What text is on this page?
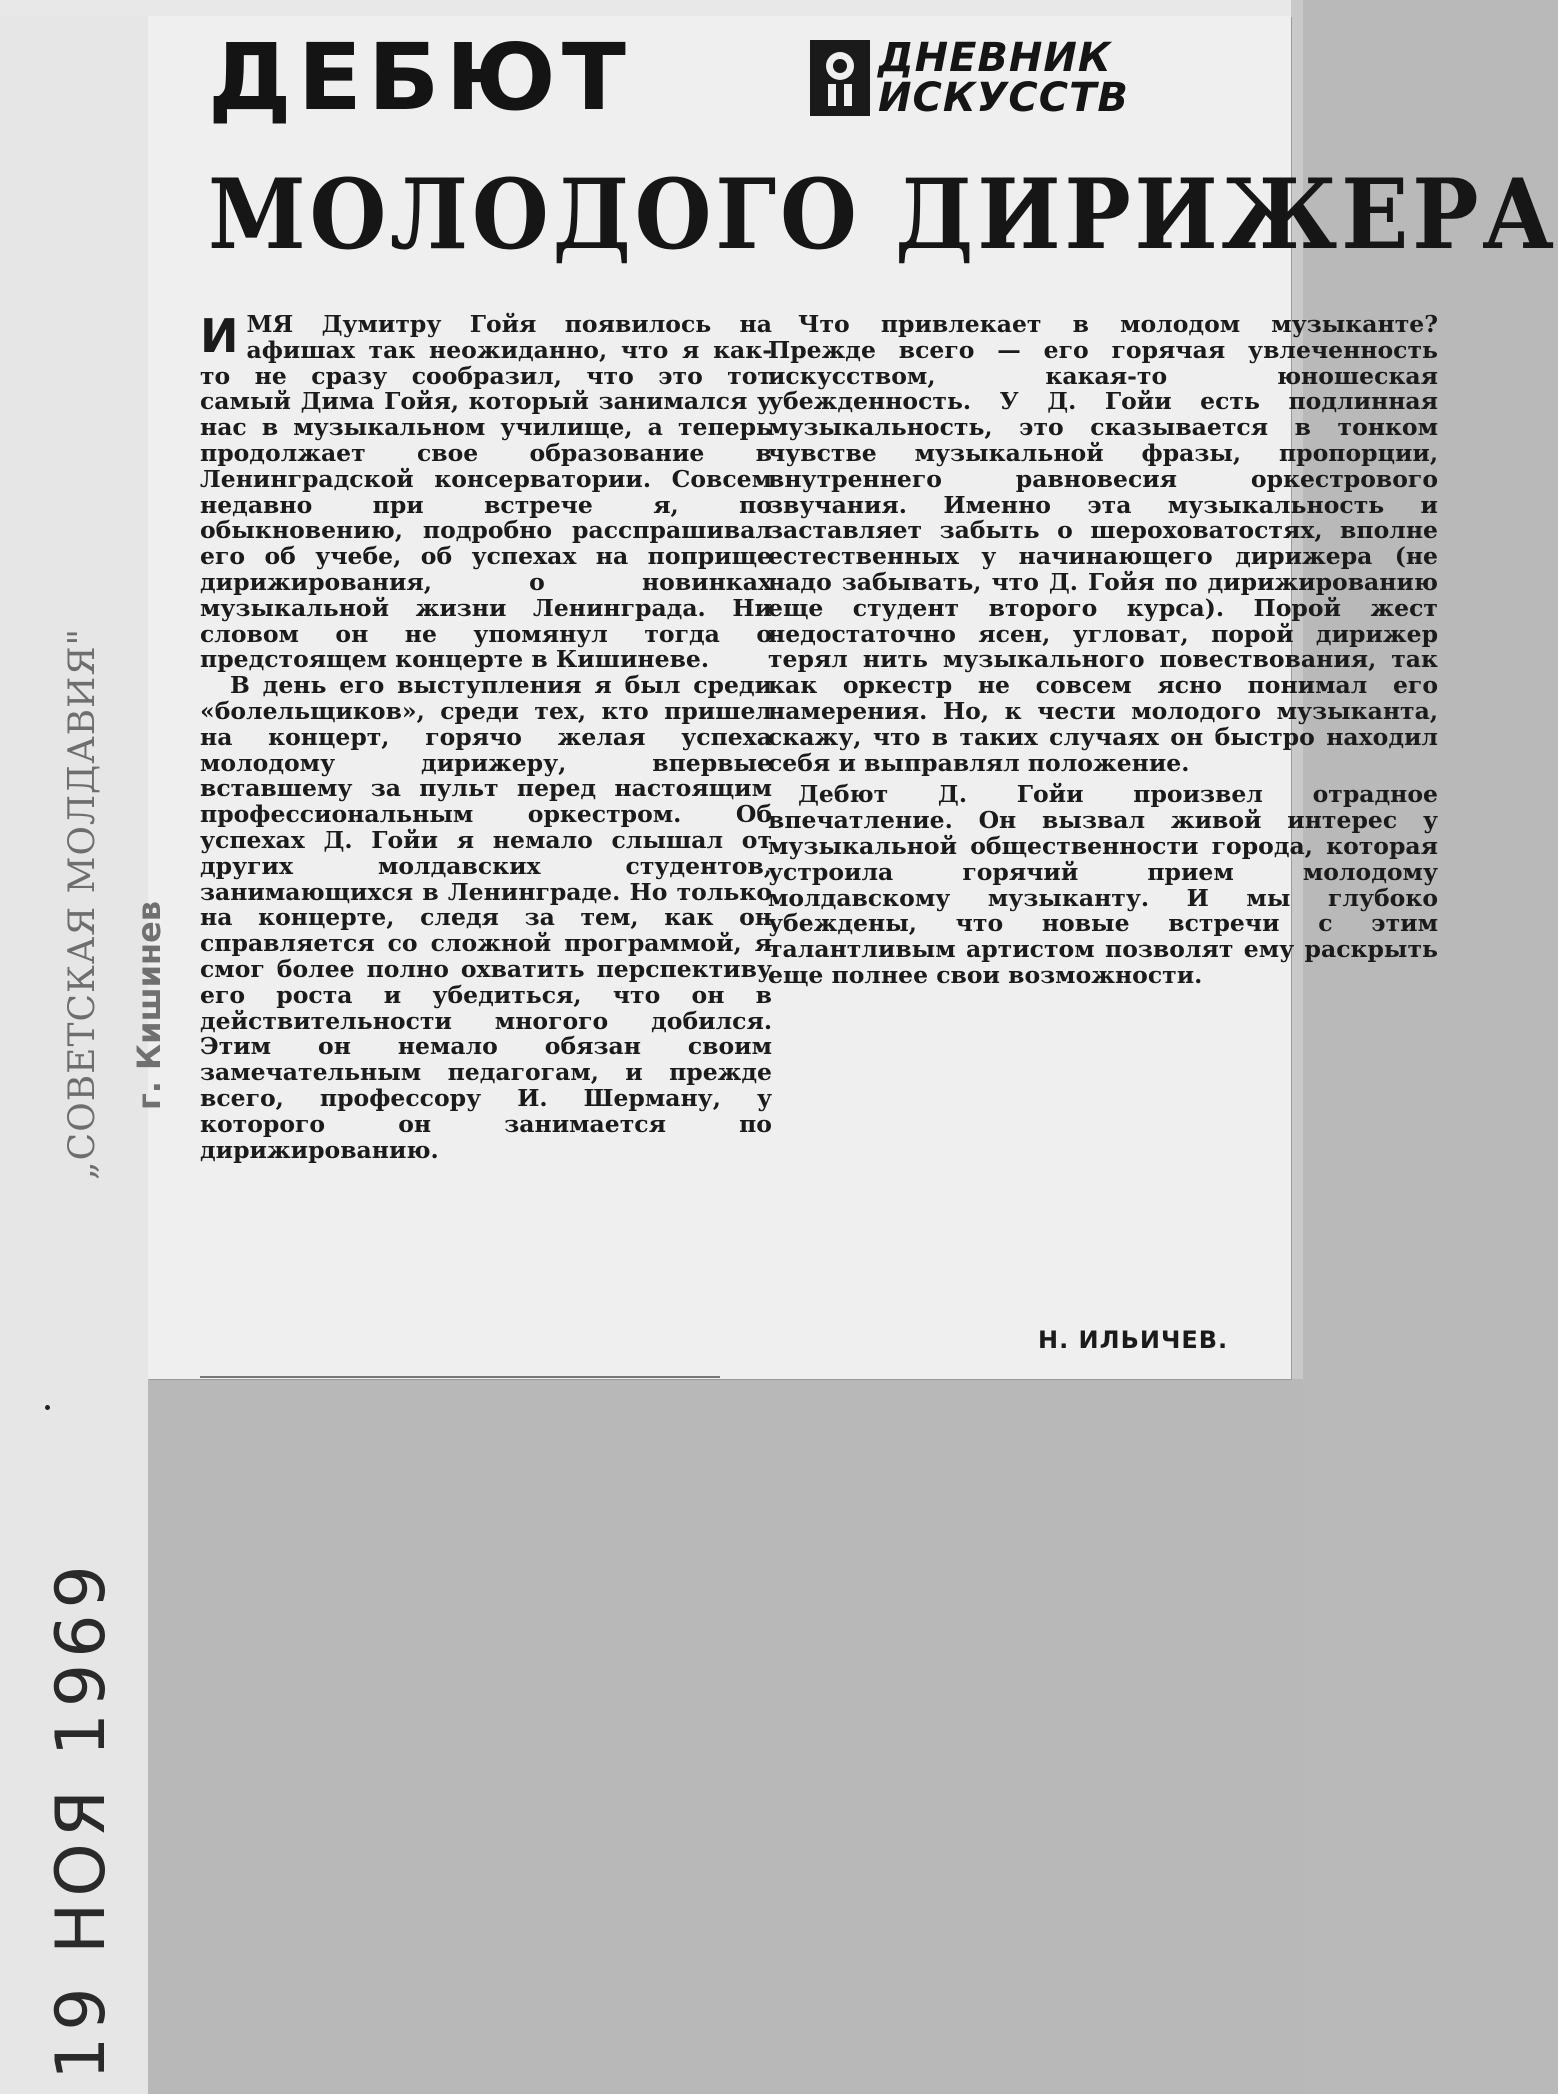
ДЕБЮТ	ДНЕВНИК
ИСКУССТВ
МОЛОДОГО ДИРИЖЕРА

ИМЯ Думитру Гойя появилось на афишах так неожиданно, что я как-то не сразу сообразил, что это тот самый Дима Гойя, который занимался у нас в музыкальном училище, а теперь продолжает свое образование в Ленинградской консерватории. Совсем недавно при встрече я, по обыкновению, подробно расспрашивал его об учебе, об успехах на поприще дирижирования, о новинках музыкальной жизни Ленинграда. Ни словом он не упомянул тогда о предстоящем концерте в Кишиневе.

В день его выступления я был среди «болельщиков», среди тех, кто пришел на концерт, горячо желая успеха молодому дирижеру, впервые вставшему за пульт перед настоящим профессиональным оркестром. Об успехах Д. Гойи я немало слышал от других молдавских студентов, занимающихся в Ленинграде. Но только на концерте, следя за тем, как он справляется со сложной программой, я смог более полно охватить перспективу его роста и убедиться, что он в действительности многого добился. Этим он немало обязан своим замечательным педагогам, и прежде всего, профессору И. Шерману, у которого он занимается по дирижированию.

Что привлекает в молодом музыканте? Прежде всего — его горячая увлеченность искусством, какая-то юношеская убежденность. У Д. Гойи есть подлинная музыкальность, это сказывается в тонком чувстве музыкальной фразы, пропорции, внутреннего равновесия оркестрового звучания. Именно эта музыкальность и заставляет забыть о шероховатостях, вполне естественных у начинающего дирижера (не надо забывать, что Д. Гойя по дирижированию еще студент второго курса). Порой жест недостаточно ясен, угловат, порой дирижер терял нить музыкального повествования, так как оркестр не совсем ясно понимал его намерения. Но, к чести молодого музыканта, скажу, что в таких случаях он быстро находил себя и выправлял положение.

Дебют Д. Гойи произвел отрадное впечатление. Он вызвал живой интерес у музыкальной общественности города, которая устроила горячий прием молодому молдавскому музыканту. И мы глубоко убеждены, что новые встречи с этим талантливым артистом позволят ему раскрыть еще полнее свои возможности.

Н. ИЛЬИЧЕВ.
„СОВЕТСКАЯ МОЛДАВИЯ" г. Кишинев
19 НОЯ 1969
